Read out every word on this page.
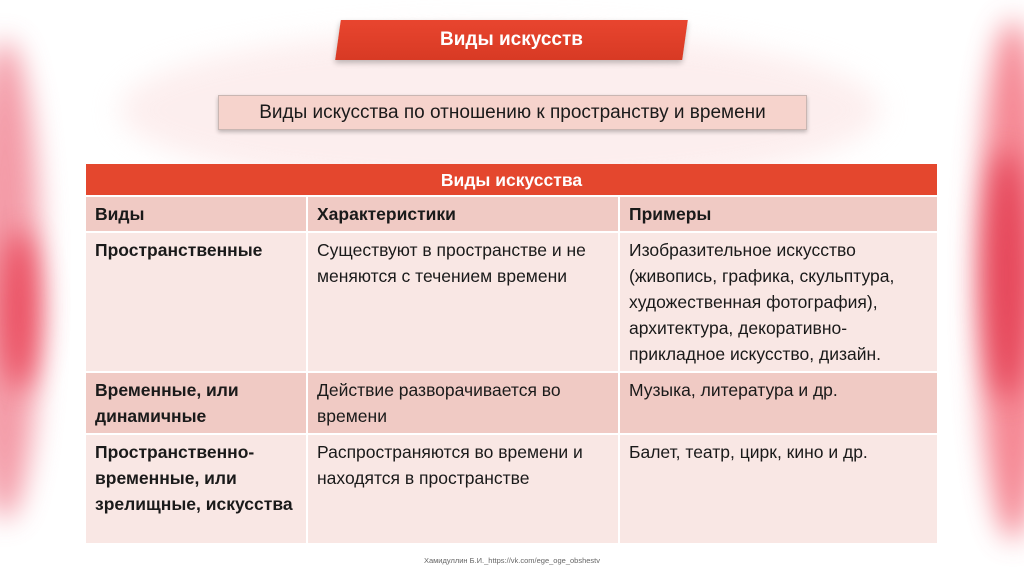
Виды искусств
Виды искусства по отношению к пространству и времени
Виды искусства		
Виды	Характеристики	Примеры
Пространственные	Существуют в пространстве и не меняются с течением времени	Изобразительное искусство (живопись, графика, скульптура, художественная фотография), архитектура, декоративно-прикладное искусство, дизайн.
Временные, или динамичные	Действие разворачивается во времени	Музыка, литература и др.
Пространственно-временные, или зрелищные, искусства	Распространяются во времени и находятся в пространстве	Балет, театр, цирк, кино и др.
Хамидуллин Б.И._https://vk.com/ege_oge_obshestv
